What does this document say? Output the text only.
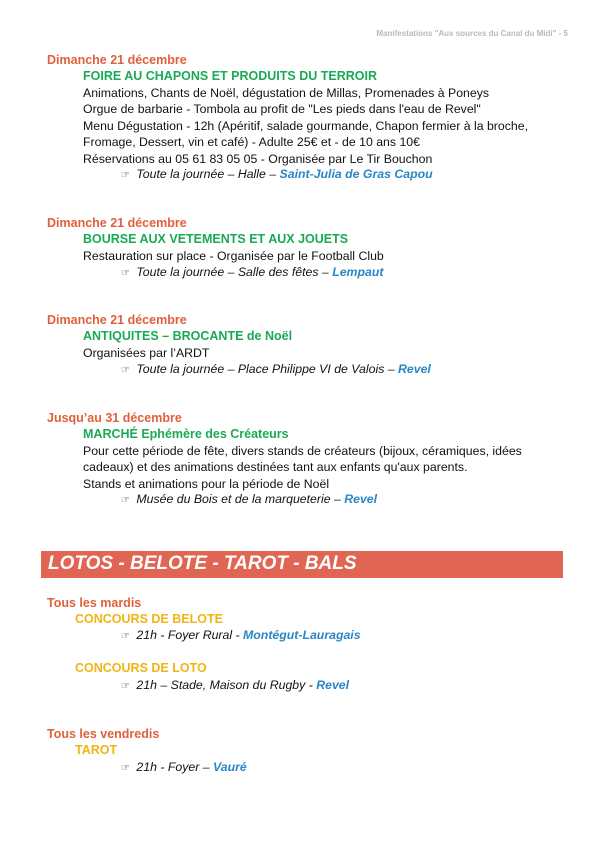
Manifestations "Aux sources du Canal du Midi" - 5
Dimanche 21 décembre
FOIRE AU CHAPONS ET PRODUITS DU TERROIR

Animations, Chants de Noël, dégustation de Millas, Promenades à Poneys

Orgue de barbarie - Tombola au profit de "Les pieds dans l'eau de Revel"

Menu Dégustation - 12h (Apéritif, salade gourmande, Chapon fermier à la broche, Fromage, Dessert, vin et café) - Adulte 25€ et - de 10 ans 10€

Réservations au 05 61 83 05 05 - Organisée par Le Tir Bouchon

☞ Toute la journée – Halle – Saint-Julia de Gras Capou
Dimanche 21 décembre
BOURSE AUX VETEMENTS ET AUX JOUETS

Restauration sur place - Organisée par le Football Club

☞ Toute la journée – Salle des fêtes – Lempaut
Dimanche 21 décembre
ANTIQUITES – BROCANTE de Noël

Organisées par l’ARDT

☞ Toute la journée – Place Philippe VI de Valois – Revel
Jusqu’au 31 décembre
MARCHÉ Ephémère des Créateurs

Pour cette période de fête, divers stands de créateurs (bijoux, céramiques, idées cadeaux) et des animations destinées tant aux enfants qu'aux parents.

Stands et animations pour la période de Noël

☞ Musée du Bois et de la marqueterie – Revel
LOTOS - BELOTE - TAROT - BALS
Tous les mardis
CONCOURS DE BELOTE
☞ 21h - Foyer Rural - Montégut-Lauragais
CONCOURS DE LOTO
☞ 21h – Stade, Maison du Rugby - Revel
Tous les vendredis
TAROT
☞ 21h - Foyer – Vauré
